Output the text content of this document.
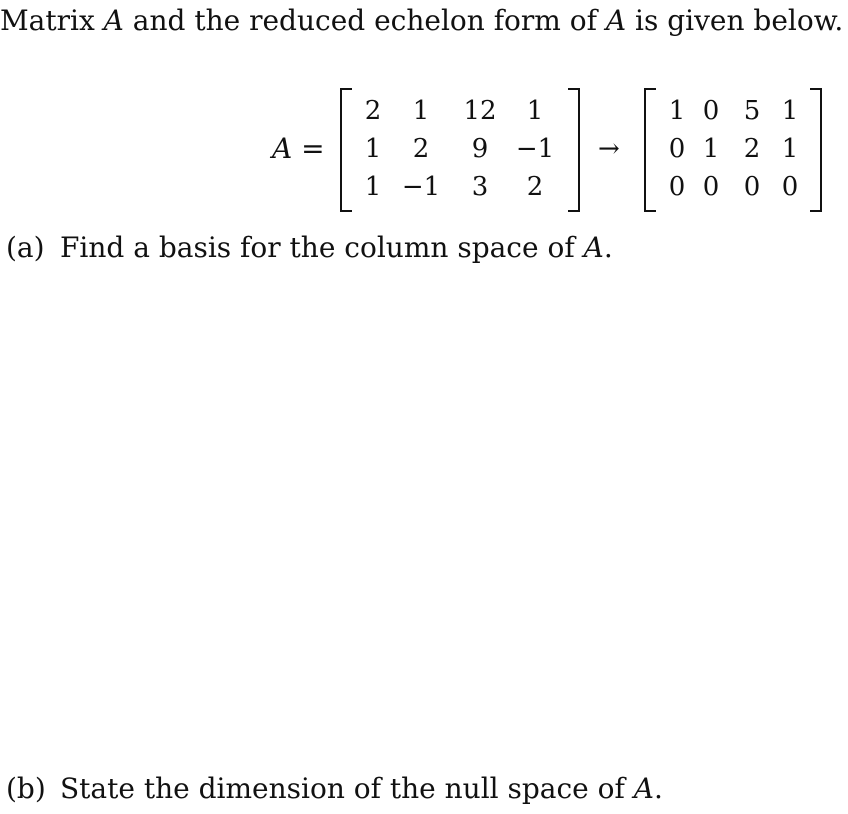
Matrix A and the reduced echelon form of A is given below.
A =
2	1	12	1
1	2	9	−1
1 −1	3	2
→
1 0 5 1
0 1 2 1
0 0 0 0
(a) Find a basis for the column space of A.
(b) State the dimension of the null space of A.
